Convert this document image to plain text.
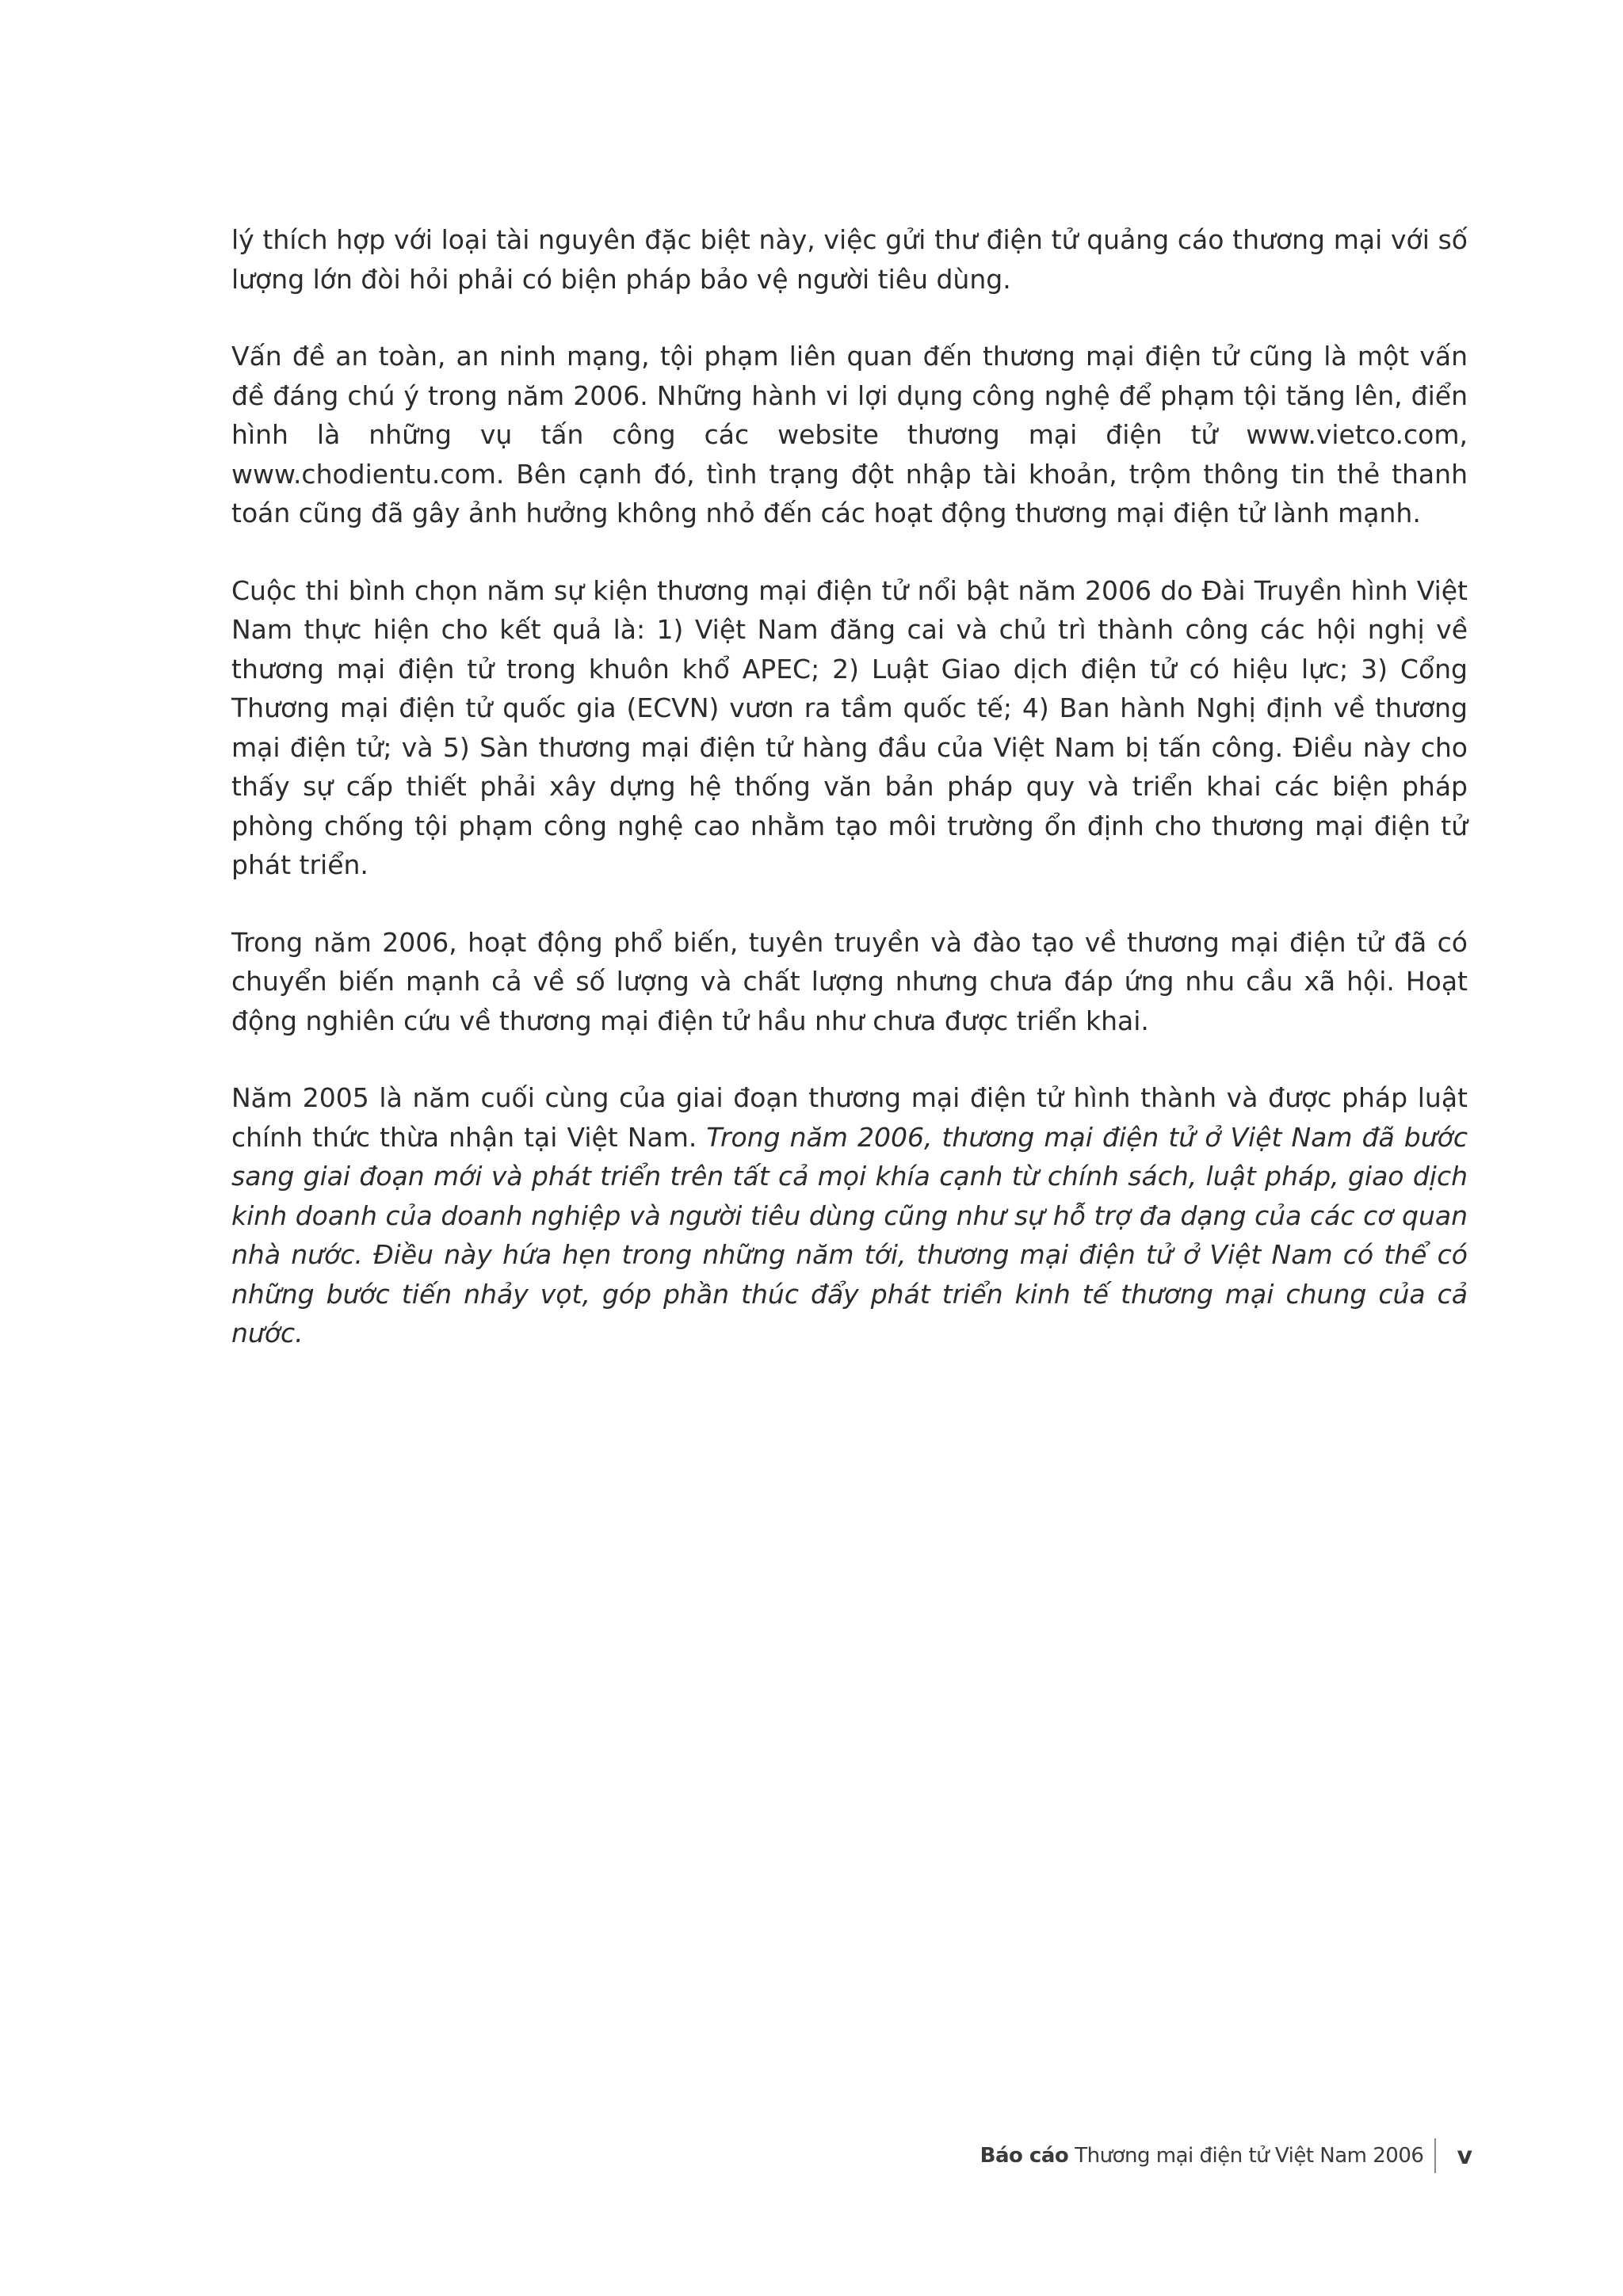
lý thích hợp với loại tài nguyên đặc biệt này, việc gửi thư điện tử quảng cáo thương mại với số lượng lớn đòi hỏi phải có biện pháp bảo vệ người tiêu dùng.

Vấn đề an toàn, an ninh mạng, tội phạm liên quan đến thương mại điện tử cũng là một vấn đề đáng chú ý trong năm 2006. Những hành vi lợi dụng công nghệ để phạm tội tăng lên, điển hình là những vụ tấn công các website thương mại điện tử www.vietco.com, www.chodientu.com. Bên cạnh đó, tình trạng đột nhập tài khoản, trộm thông tin thẻ thanh toán cũng đã gây ảnh hưởng không nhỏ đến các hoạt động thương mại điện tử lành mạnh.

Cuộc thi bình chọn năm sự kiện thương mại điện tử nổi bật năm 2006 do Đài Truyền hình Việt Nam thực hiện cho kết quả là: 1) Việt Nam đăng cai và chủ trì thành công các hội nghị về thương mại điện tử trong khuôn khổ APEC; 2) Luật Giao dịch điện tử có hiệu lực; 3) Cổng Thương mại điện tử quốc gia (ECVN) vươn ra tầm quốc tế; 4) Ban hành Nghị định về thương mại điện tử; và 5) Sàn thương mại điện tử hàng đầu của Việt Nam bị tấn công. Điều này cho thấy sự cấp thiết phải xây dựng hệ thống văn bản pháp quy và triển khai các biện pháp phòng chống tội phạm công nghệ cao nhằm tạo môi trường ổn định cho thương mại điện tử phát triển.

Trong năm 2006, hoạt động phổ biến, tuyên truyền và đào tạo về thương mại điện tử đã có chuyển biến mạnh cả về số lượng và chất lượng nhưng chưa đáp ứng nhu cầu xã hội. Hoạt động nghiên cứu về thương mại điện tử hầu như chưa được triển khai.

Năm 2005 là năm cuối cùng của giai đoạn thương mại điện tử hình thành và được pháp luật chính thức thừa nhận tại Việt Nam. Trong năm 2006, thương mại điện tử ở Việt Nam đã bước sang giai đoạn mới và phát triển trên tất cả mọi khía cạnh từ chính sách, luật pháp, giao dịch kinh doanh của doanh nghiệp và người tiêu dùng cũng như sự hỗ trợ đa dạng của các cơ quan nhà nước. Điều này hứa hẹn trong những năm tới, thương mại điện tử ở Việt Nam có thể có những bước tiến nhảy vọt, góp phần thúc đẩy phát triển kinh tế thương mại chung của cả nước.

Báo cáo Thương mại điện tử Việt Nam 2006 v
